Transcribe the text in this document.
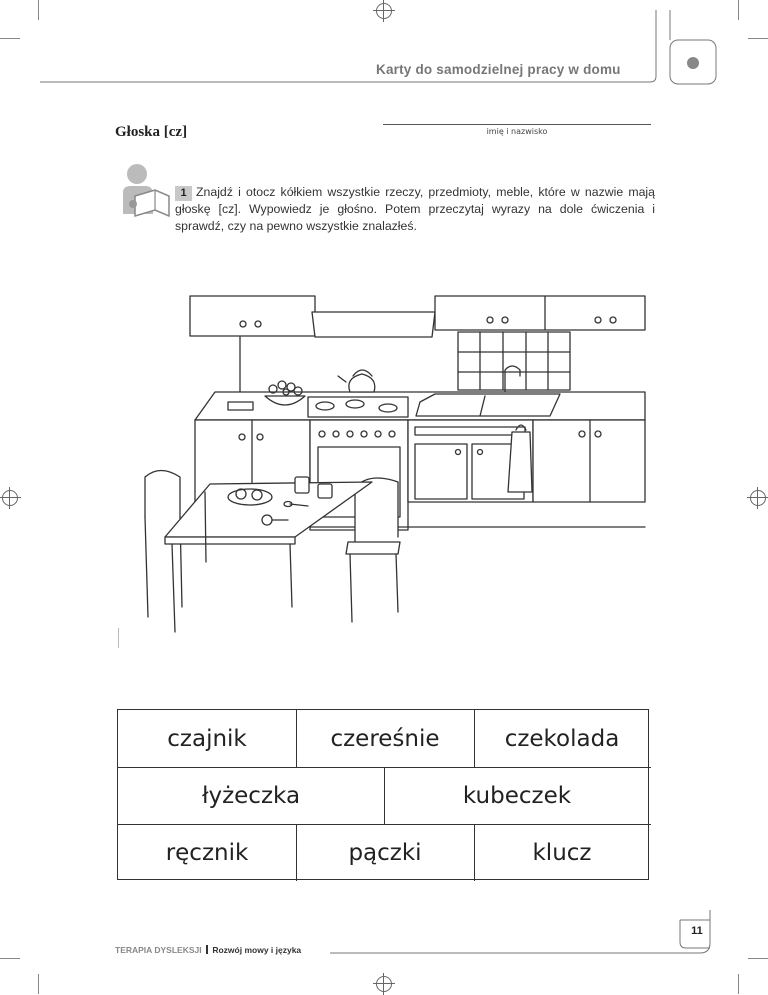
Karty do samodzielnej pracy w domu
Głoska [cz]	imię i nazwisko
1 Znajdź i otocz kółkiem wszystkie rzeczy, przedmioty, meble, które w nazwie mają głoskę [cz]. Wypowiedz je głośno. Potem przeczytaj wyrazy na dole ćwiczenia i sprawdź, czy na pewno wszystkie znalazłeś.
czajnik	czereśnie	czekolada
łyżeczka	kubeczek
ręcznik	pączki	klucz
TERAPIA DYSLEKSJI Rozwój mowy i języka
11
